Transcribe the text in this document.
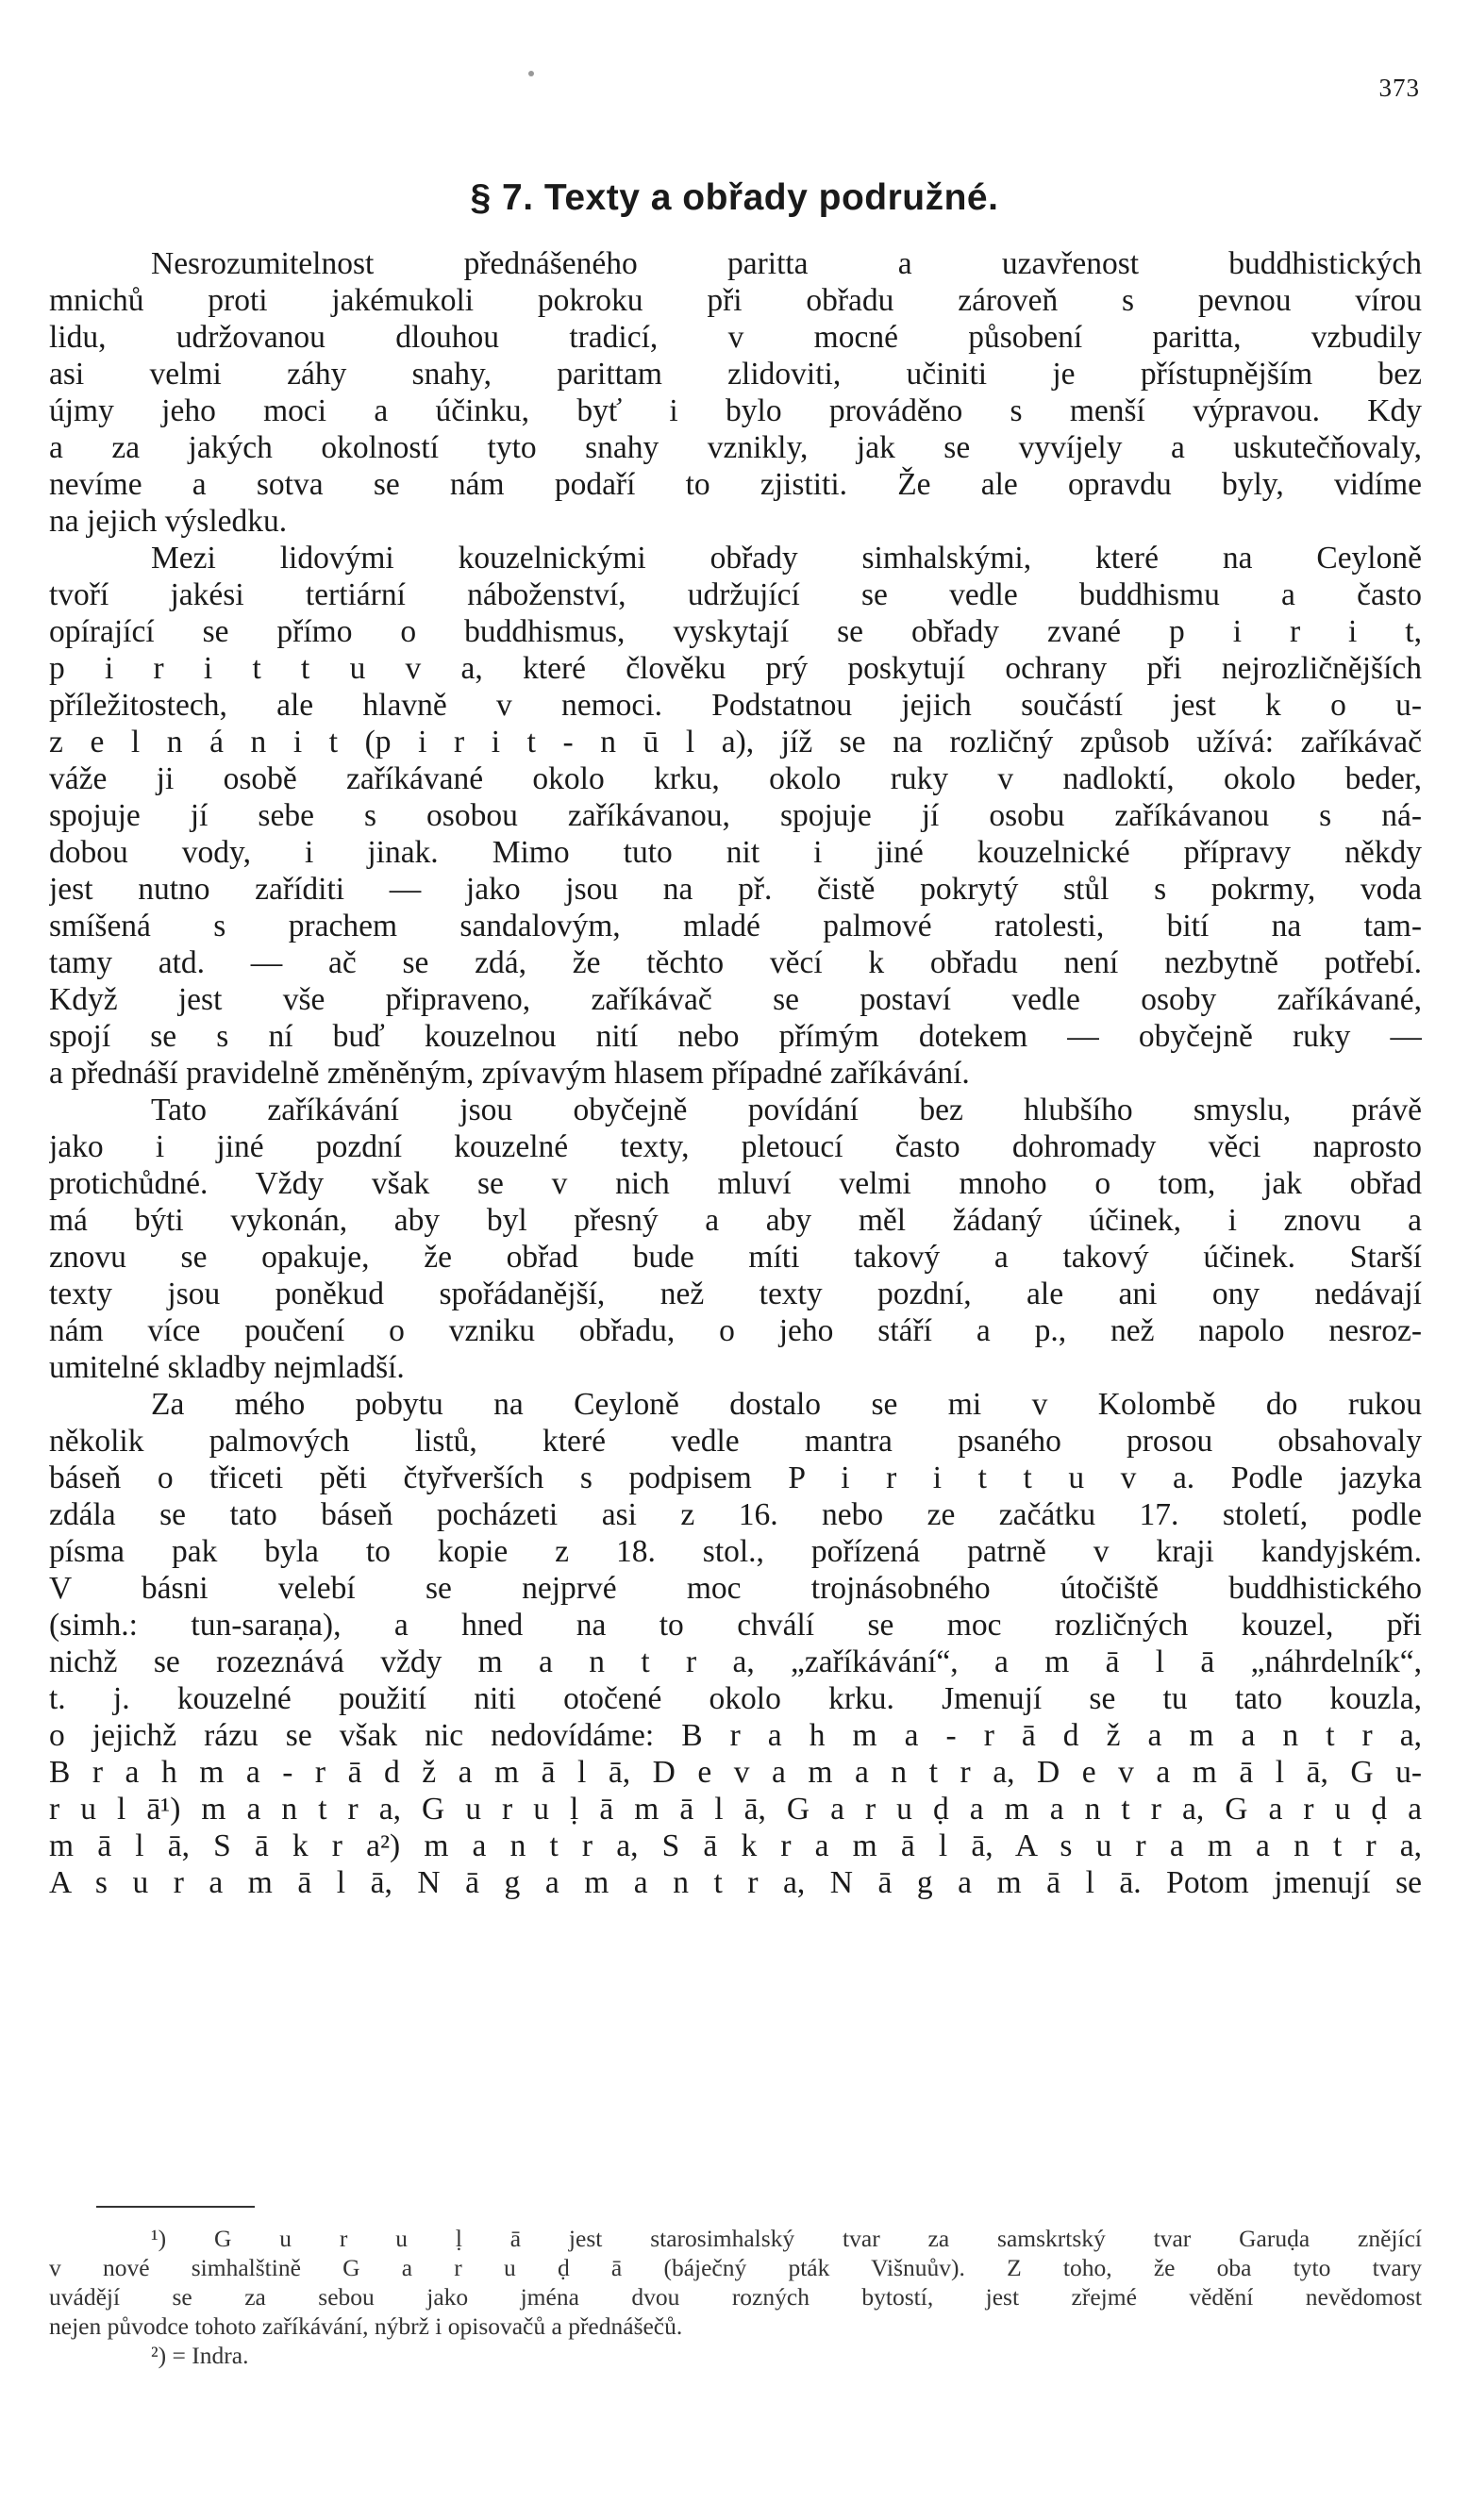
373
§ 7. Texty a obřady podružné.
Nesrozumitelnost přednášeného paritta a uzavřenost buddhistických
mnichů proti jakémukoli pokroku při obřadu zároveň s pevnou vírou
lidu, udržovanou dlouhou tradicí, v mocné působení paritta, vzbudily
asi velmi záhy snahy, parittam zlidoviti, učiniti je přístupnějším bez
újmy jeho moci a účinku, byť i bylo prováděno s menší výpravou. Kdy
a za jakých okolností tyto snahy vznikly, jak se vyvíjely a uskutečňovaly,
nevíme a sotva se nám podaří to zjistiti. Že ale opravdu byly, vidíme
na jejich výsledku.
Mezi lidovými kouzelnickými obřady simhalskými, které na Ceyloně
tvoří jakési tertiární náboženství, udržující se vedle buddhismu a často
opírající se přímo o buddhismus, vyskytají se obřady zvané p i r i t,
p i r i t t u v a, které člověku prý poskytují ochrany při nejrozličnějších
příležitostech, ale hlavně v nemoci. Podstatnou jejich součástí jest k o u-
z e l n á n i t (p i r i t - n ū l a), jíž se na rozličný způsob užívá: zaříkávač
váže ji osobě zaříkávané okolo krku, okolo ruky v nadloktí, okolo beder,
spojuje jí sebe s osobou zaříkávanou, spojuje jí osobu zaříkávanou s ná-
dobou vody, i jinak. Mimo tuto nit i jiné kouzelnické přípravy někdy
jest nutno zaříditi — jako jsou na př. čistě pokrytý stůl s pokrmy, voda
smíšená s prachem sandalovým, mladé palmové ratolesti, bití na tam-
tamy atd. — ač se zdá, že těchto věcí k obřadu není nezbytně potřebí.
Když jest vše připraveno, zaříkávač se postaví vedle osoby zaříkávané,
spojí se s ní buď kouzelnou nití nebo přímým dotekem — obyčejně ruky —
a přednáší pravidelně změněným, zpívavým hlasem případné zaříkávání.
Tato zaříkávání jsou obyčejně povídání bez hlubšího smyslu, právě
jako i jiné pozdní kouzelné texty, pletoucí často dohromady věci naprosto
protichůdné. Vždy však se v nich mluví velmi mnoho o tom, jak obřad
má býti vykonán, aby byl přesný a aby měl žádaný účinek, i znovu a
znovu se opakuje, že obřad bude míti takový a takový účinek. Starší
texty jsou poněkud spořádanější, než texty pozdní, ale ani ony nedávají
nám více poučení o vzniku obřadu, o jeho stáří a p., než napolo nesroz-
umitelné skladby nejmladší.
Za mého pobytu na Ceyloně dostalo se mi v Kolombě do rukou
několik palmových listů, které vedle mantra psaného prosou obsahovaly
báseň o třiceti pěti čtyřverších s podpisem P i r i t t u v a. Podle jazyka
zdála se tato báseň pocházeti asi z 16. nebo ze začátku 17. století, podle
písma pak byla to kopie z 18. stol., pořízená patrně v kraji kandyjském.
V básni velebí se nejprvé moc trojnásobného útočiště buddhistického
(simh.: tun-saraṇa), a hned na to chválí se moc rozličných kouzel, při
nichž se rozeznává vždy m a n t r a, „zaříkávání“, a m ā l ā „náhrdelník“,
t. j. kouzelné použití niti otočené okolo krku. Jmenují se tu tato kouzla,
o jejichž rázu se však nic nedovídáme: B r a h m a - r ā d ž a m a n t r a,
B r a h m a - r ā d ž a m ā l ā, D e v a m a n t r a, D e v a m ā l ā, G u-
r u l ā¹) m a n t r a, G u r u ḷ ā m ā l ā, G a r u ḍ a m a n t r a, G a r u ḍ a
m ā l ā, S ā k r a²) m a n t r a, S ā k r a m ā l ā, A s u r a m a n t r a,
A s u r a m ā l ā, N ā g a m a n t r a, N ā g a m ā l ā. Potom jmenují se
¹) G u r u ḷ ā jest starosimhalský tvar za samskrtský tvar Garuḍa znějící
v nové simhalštině G a r u ḍ ā (báječný pták Višnuův). Z toho, že oba tyto tvary
uvádějí se za sebou jako jména dvou rozných bytostí, jest zřejmé vědění nevědomost
nejen původce tohoto zaříkávání, nýbrž i opisovačů a přednášečů.
²) = Indra.
